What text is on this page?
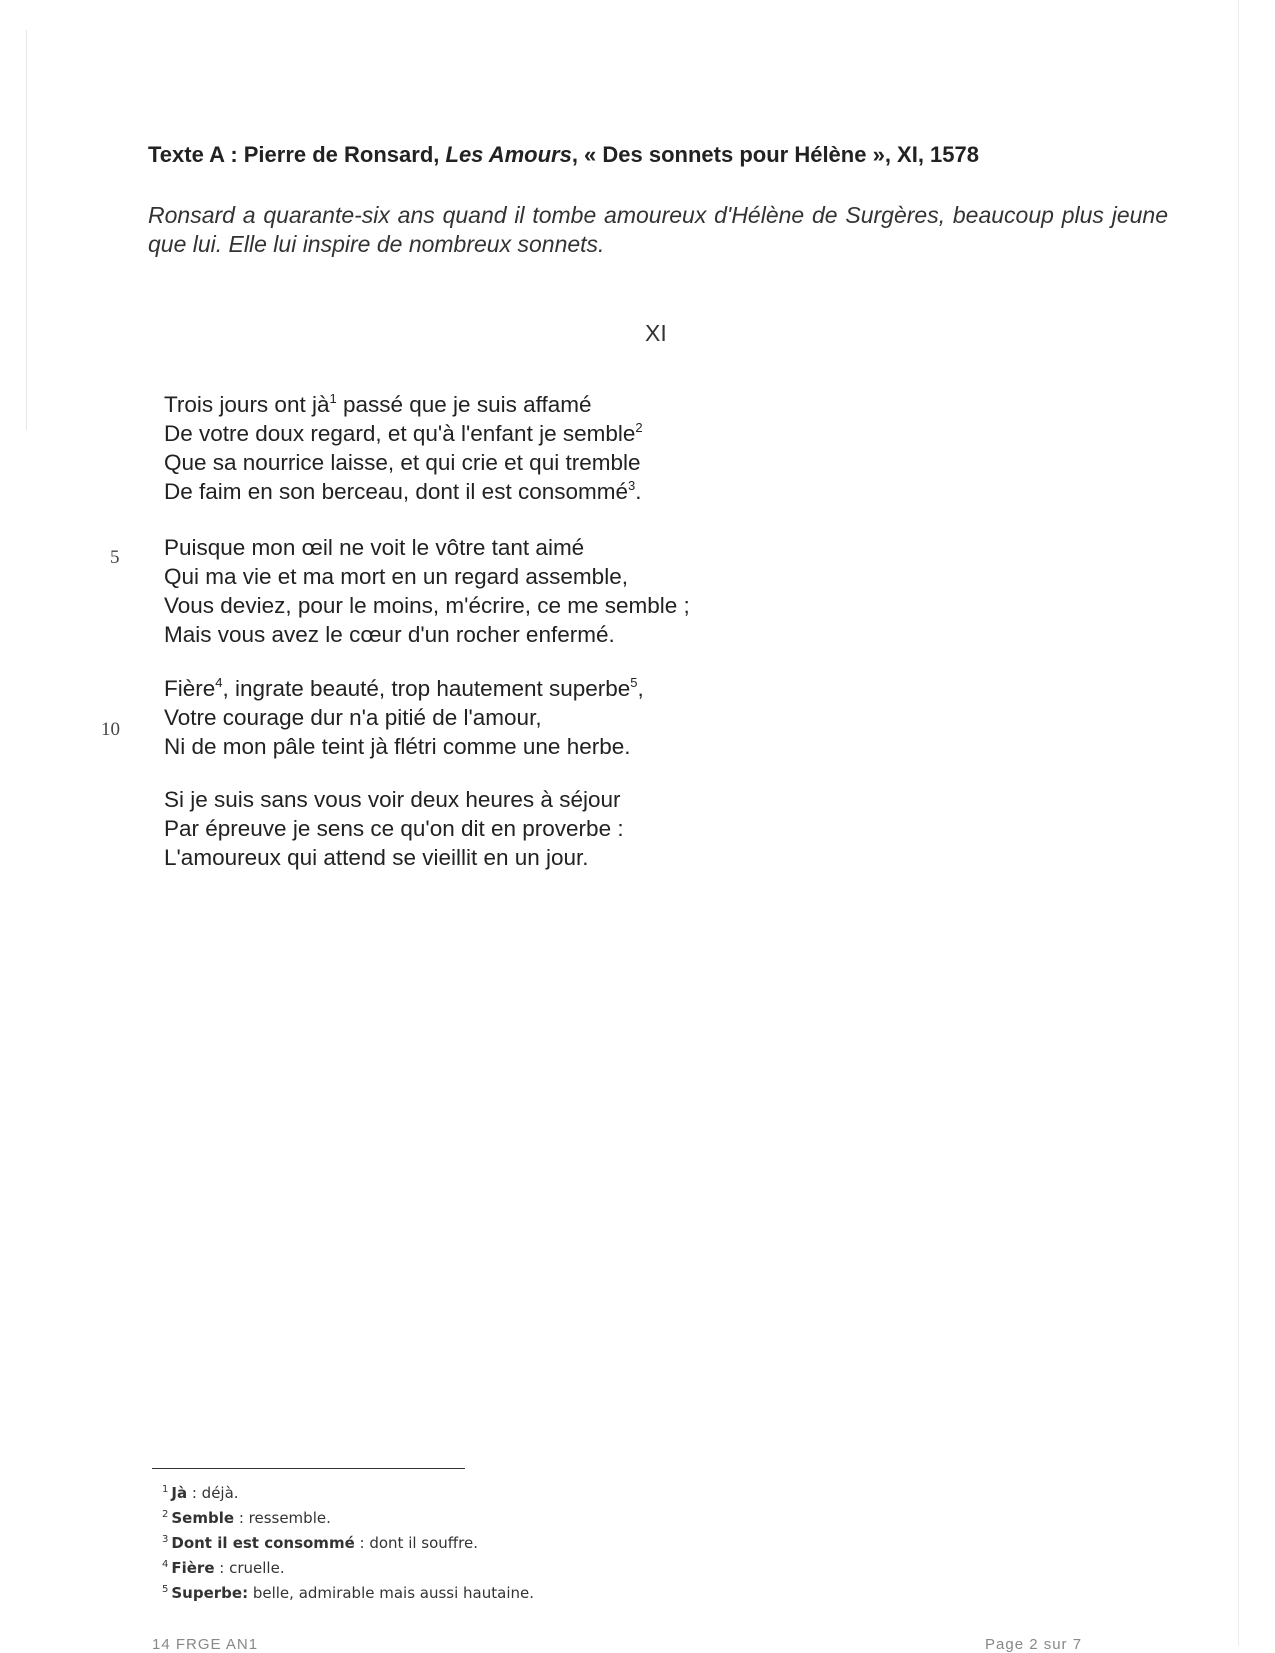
Texte A : Pierre de Ronsard, Les Amours, « Des sonnets pour Hélène », XI, 1578
Ronsard a quarante-six ans quand il tombe amoureux d'Hélène de Surgères, beaucoup plus jeune que lui. Elle lui inspire de nombreux sonnets.
XI
Trois jours ont $jà^1$ passé que je suis affamé
De votre doux regard, et qu'à l'enfant je semble$^2$
Que sa nourrice laisse, et qui crie et qui tremble
De faim en son berceau, dont il est consommé$^3$.
5 Puisque mon œil ne voit le vôtre tant aimé
Qui ma vie et ma mort en un regard assemble,
Vous deviez, pour le moins, m'écrire, ce me semble ;
Mais vous avez le cœur d'un rocher enfermé.
Fière$^4$, ingrate beauté, trop hautement superbe$^5$,
10 Votre courage dur n'a pitié de l'amour,
Ni de mon pâle teint jà flétri comme une herbe.
Si je suis sans vous voir deux heures à séjour
Par épreuve je sens ce qu'on dit en proverbe :
L'amoureux qui attend se vieillit en un jour.
$^1$ Jà : déjà.
$^2$ Semble : ressemble.
$^3$ Dont il est consommé : dont il souffre.
$^4$ Fière : cruelle.
$^5$ Superbe: belle, admirable mais aussi hautaine.
14 FRGE AN1	Page 2 sur 7
